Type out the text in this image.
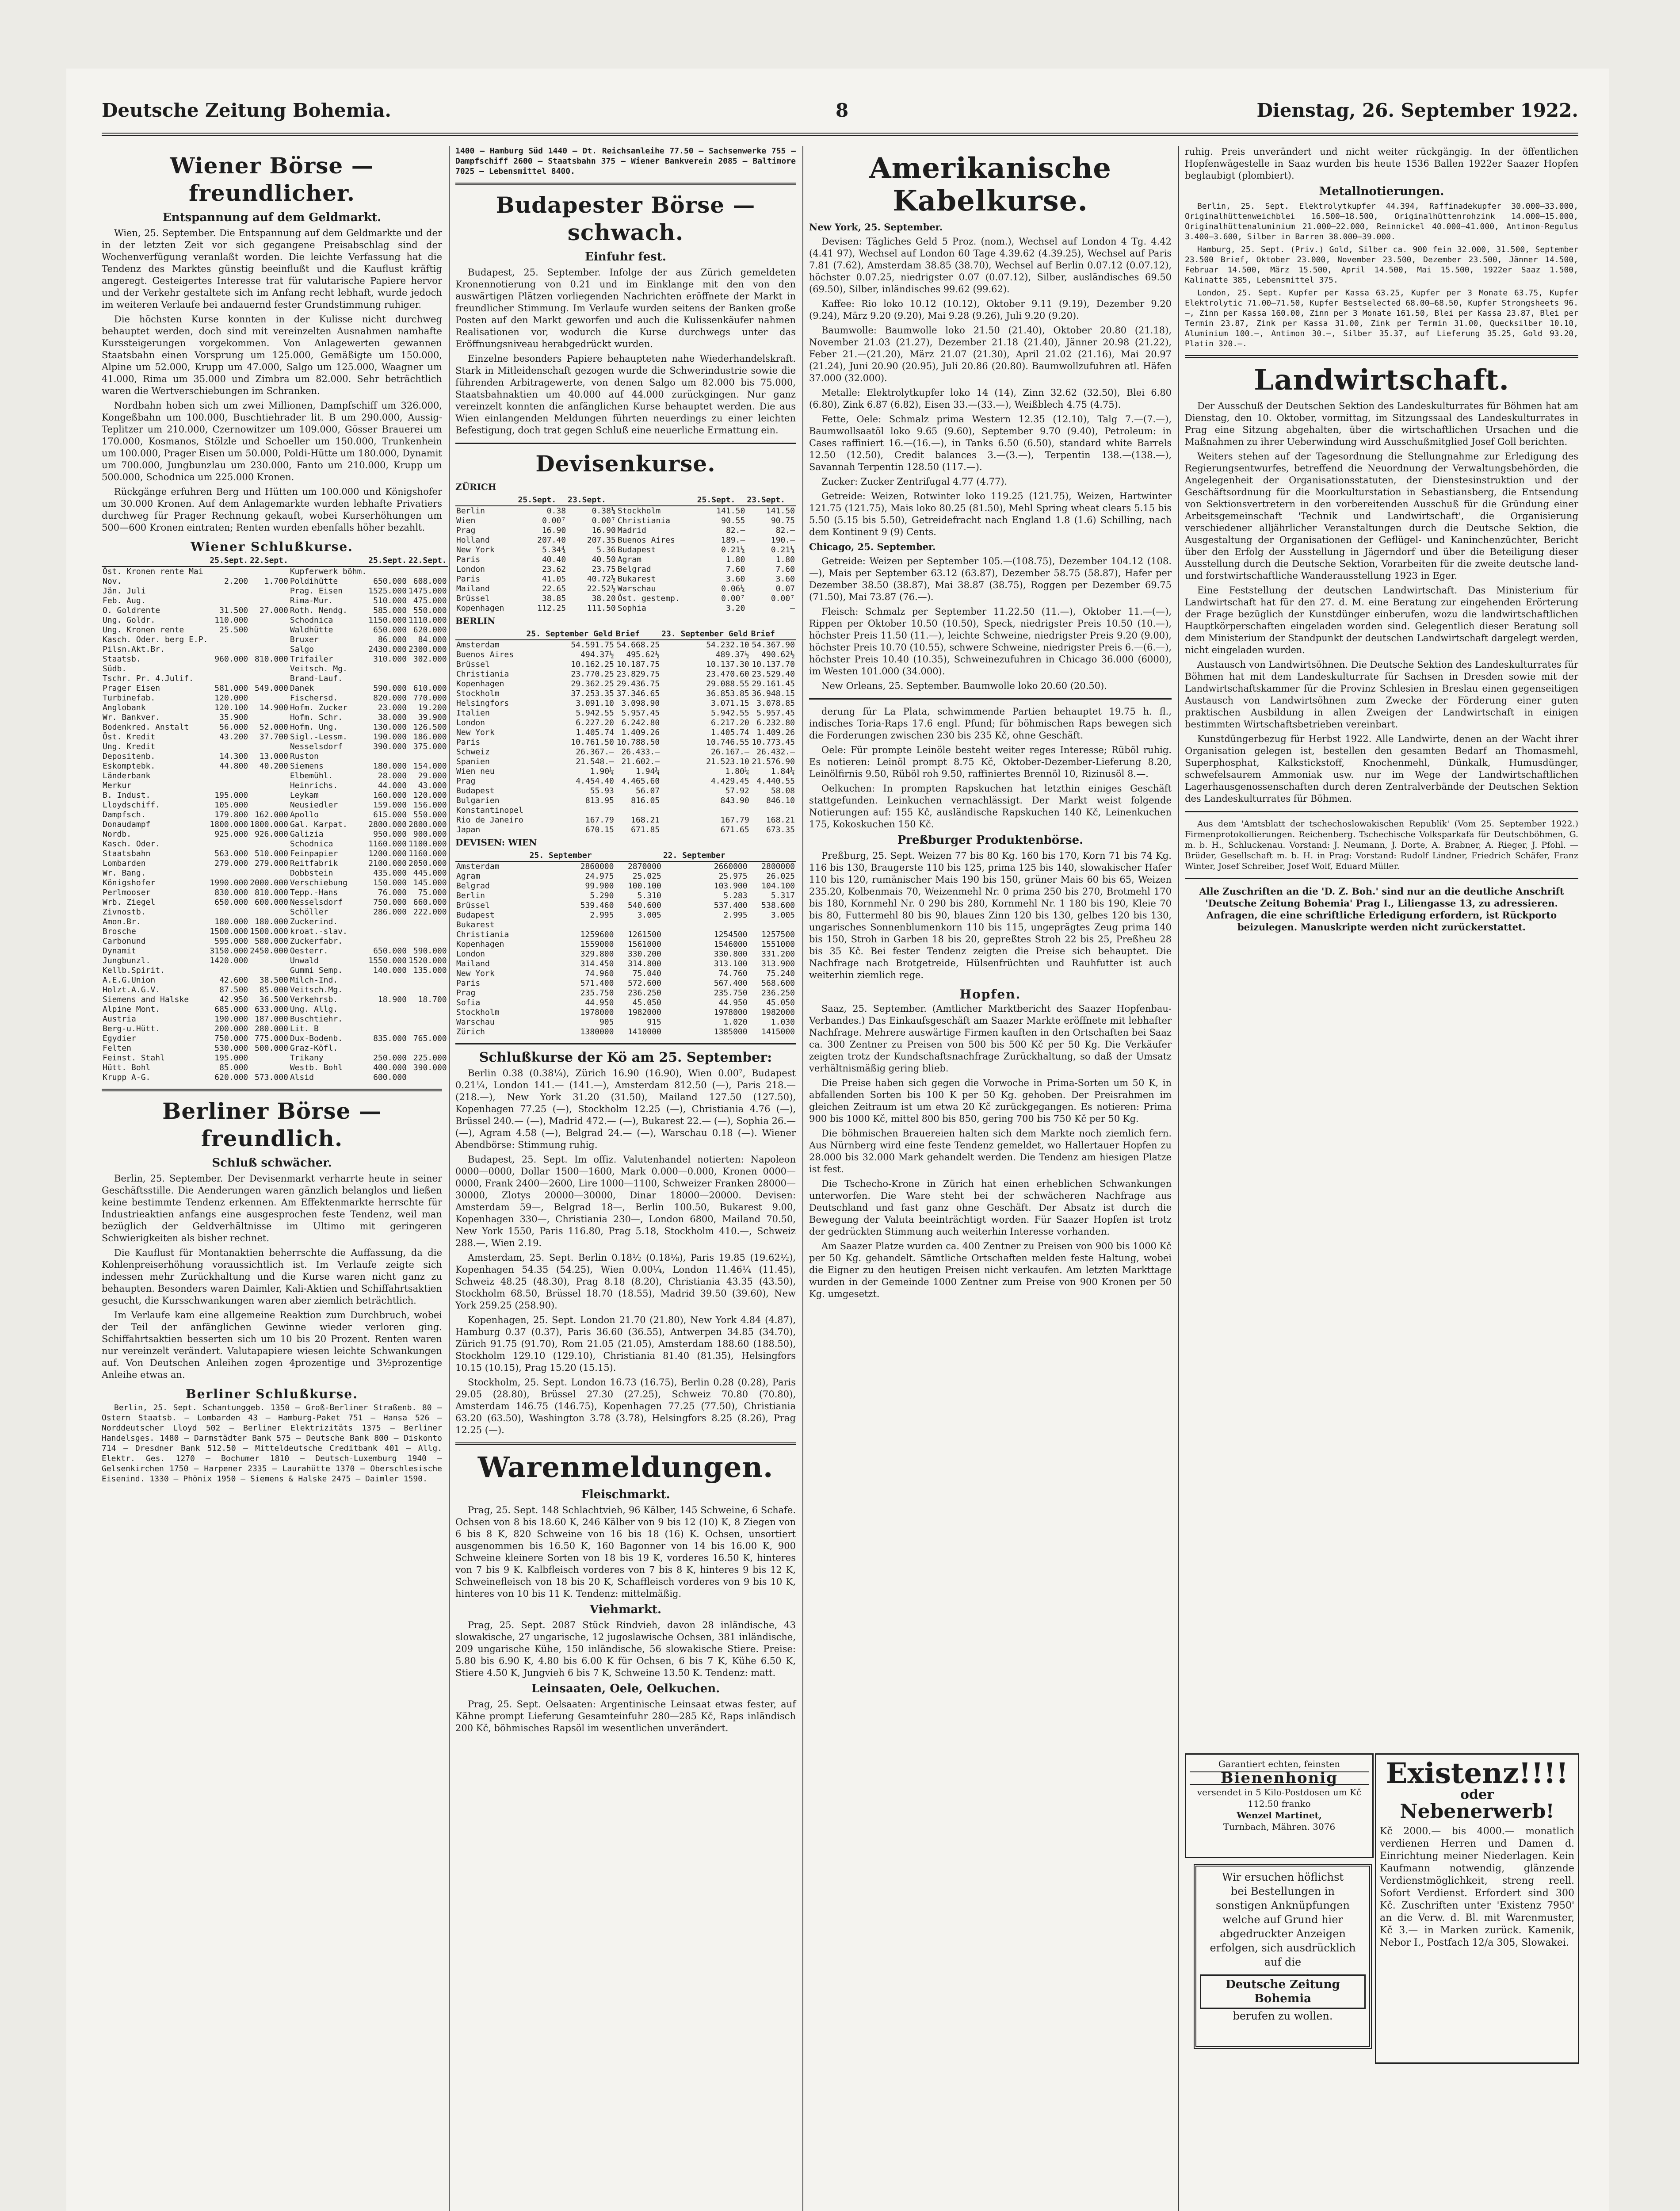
Deutsche Zeitung Bohemia.	8	Dienstag, 26. September 1922.
Wiener Börse — freundlicher.
Entspannung auf dem Geldmarkt.

Wien, 25. September. Die Entspannung auf dem Geldmarkte und der in der letzten Zeit vor sich gegangene Preisabschlag sind der Wochenverfügung veranlaßt worden. Die leichte Verfassung hat die Tendenz des Marktes günstig beeinflußt und die Kauflust kräftig angeregt. Gesteigertes Interesse trat für valutarische Papiere hervor und der Verkehr gestaltete sich im Anfang recht lebhaft, wurde jedoch im weiteren Verlaufe bei andauernd fester Grundstimmung ruhiger.

Die höchsten Kurse konnten in der Kulisse nicht durchweg behauptet werden, doch sind mit vereinzelten Ausnahmen namhafte Kurssteigerungen vorgekommen. Von Anlagewerten gewannen Staatsbahn einen Vorsprung um 125.000, Gemäßigte um 150.000, Alpine um 52.000, Krupp um 47.000, Salgo um 125.000, Waagner um 41.000, Rima um 35.000 und Zimbra um 82.000. Sehr beträchtlich waren die Wertverschiebungen im Schranken.

Nordbahn hoben sich um zwei Millionen, Dampfschiff um 326.000, Kongeßbahn um 100.000, Buschtiehrader lit. B um 290.000, Aussig-Teplitzer um 210.000, Czernowitzer um 109.000, Gösser Brauerei um 170.000, Kosmanos, Stölzle und Schoeller um 150.000, Trunkenhein um 100.000, Prager Eisen um 50.000, Poldi-Hütte um 180.000, Dynamit um 700.000, Jungbunzlau um 230.000, Fanto um 210.000, Krupp um 500.000, Schodnica um 225.000 Kronen.

Rückgänge erfuhren Berg und Hütten um 100.000 und Königshofer um 30.000 Kronen. Auf dem Anlagemarkte wurden lebhafte Privatiers durchweg für Prager Rechnung gekauft, wobei Kurserhöhungen um 500—600 Kronen eintraten; Renten wurden ebenfalls höher bezahlt.

Wiener Schlußkurse.
	25.Sept.	22.Sept.		25.Sept.	22.Sept.	
Öst. Kronen rente Mai			Kupferwerk böhm.			
Nov.	2.200	1.700	Poldihütte	650.000	608.000	
Jän. Juli			Prag. Eisen	1525.000	1475.000	
Feb. Aug.			Rima-Mur.	510.000	475.000	
O. Goldrente	31.500	27.000	Roth. Nendg.	585.000	550.000	
Ung. Goldr.	110.000		Schodnica	1150.000	1110.000	
Ung. Kronen rente	25.500		Waldhütte	650.000	620.000	
Kasch. Oder. berg E.P.			Bruxer	86.000	84.000	
Pilsn.Akt.Br.			Salgo	2430.000	2300.000	
Staatsb.	960.000	810.000	Trifailer	310.000	302.000	
Südb.			Veitsch. Mg.			
Tschr. Pr. 4.Julif.			Brand-Lauf.			
Prager Eisen	581.000	549.000	Danek	590.000	610.000	
Turbinefab.	120.000		Fischersd.	820.000	770.000	
Anglobank	120.100	14.900	Hofm. Zucker	23.000	19.200	
Wr. Bankver.	35.900		Hofm. Schr.	38.000	39.900	
Bodenkred. Anstalt	56.000	52.000	Hofm. Ung.	130.000	126.500	
Öst. Kredit	43.200	37.700	Sigl.-Lessm.	190.000	186.000	
Ung. Kredit			Nesselsdorf	390.000	375.000	
Depositenb.	14.300	13.000	Ruston			
Eskomptebk.	44.800	40.200	Siemens	180.000	154.000	
Länderbank			Elbemühl.	28.000	29.000	
Merkur			Heinrichs.	44.000	43.000	
B. Indust.	195.000		Leykam	160.000	120.000	
Lloydschiff.	105.000		Neusiedler	159.000	156.000	
Dampfsch.	179.800	162.000	Apollo	615.000	550.000	
Donaudampf	1800.000	1800.000	Gal. Karpat.	2800.000	2800.000	
Nordb.	925.000	926.000	Galizia	950.000	900.000	
Kasch. Oder.			Schodnica	1160.000	1100.000	
Staatsbahn	563.000	510.000	Feinpapier	1200.000	1160.000	
Lombarden	279.000	279.000	Reitfabrik	2100.000	2050.000	
Wr. Bang.			Dobbstein	435.000	445.000	
Königshofer	1990.000	2000.000	Verschiebung	150.000	145.000	
Perlmooser	830.000	810.000	Tepp.-Hans	76.000	75.000	
Wrb. Ziegel	650.000	600.000	Nesselsdorf	750.000	660.000	
Zivnostb.			Schöller	286.000	222.000	
Amon.Br.	180.000	180.000	Zuckerind.			
Brosche	1500.000	1500.000	kroat.-slav.			
Carbonund	595.000	580.000	Zuckerfabr.			
Dynamit	3150.000	2450.000	Oesterr.	650.000	590.000	
Jungbunzl.	1420.000		Unwald	1550.000	1520.000	
Kellb.Spirit.			Gummi Semp.	140.000	135.000	
A.E.G.Union	42.600	38.500	Milch-Ind.			
Holzt.A.G.V.	87.500	85.000	Veitsch.Mg.			
Siemens and Halske	42.950	36.500	Verkehrsb.	18.900	18.700	
Alpine Mont.	685.000	633.000	Ung. Allg.			
Austria	190.000	187.000	Buschtiehr.			
Berg-u.Hütt.	200.000	280.000	Lit. B			
Egydier	750.000	775.000	Dux-Bodenb.	835.000	765.000	
Felten	530.000	500.000	Graz-Köfl.			
Feinst. Stahl	195.000		Trikany	250.000	225.000	
Hütt. Bohl	85.000		Westb. Bohl	400.000	390.000	
Krupp A-G.	620.000	573.000	Alsid	600.000		
Berliner Börse — freundlich.
Schluß schwächer.

Berlin, 25. September. Der Devisenmarkt verharrte heute in seiner Geschäftsstille. Die Aenderungen waren gänzlich belanglos und ließen keine bestimmte Tendenz erkennen. Am Effektenmarkte herrschte für Industrieaktien anfangs eine ausgesprochen feste Tendenz, weil man bezüglich der Geldverhältnisse im Ultimo mit geringeren Schwierigkeiten als bisher rechnet.

Die Kauflust für Montanaktien beherrschte die Auffassung, da die Kohlenpreiserhöhung voraussichtlich ist. Im Verlaufe zeigte sich indessen mehr Zurückhaltung und die Kurse waren nicht ganz zu behaupten. Besonders waren Daimler, Kali-Aktien und Schiffahrtsaktien gesucht, die Kursschwankungen waren aber ziemlich beträchtlich.

Im Verlaufe kam eine allgemeine Reaktion zum Durchbruch, wobei der Teil der anfänglichen Gewinne wieder verloren ging. Schiffahrtsaktien besserten sich um 10 bis 20 Prozent. Renten waren nur vereinzelt verändert. Valutapapiere wiesen leichte Schwankungen auf. Von Deutschen Anleihen zogen 4prozentige und 3½prozentige Anleihe etwas an.

Berliner Schlußkurse.

Berlin, 25. Sept. Schantunggeb. 1350 — Groß-Berliner Straßenb. 80 — Ostern Staatsb. — Lombarden 43 — Hamburg-Paket 751 — Hansa 526 — Norddeutscher Lloyd 502 — Berliner Elektrizitäts 1375 — Berliner Handelsges. 1480 — Darmstädter Bank 575 — Deutsche Bank 800 — Diskonto 714 — Dresdner Bank 512.50 — Mitteldeutsche Creditbank 401 — Allg. Elektr. Ges. 1270 — Bochumer 1810 — Deutsch-Luxemburg 1940 — Gelsenkirchen 1750 — Harpener 2335 — Laurahütte 1370 — Oberschlesische Eisenind. 1330 — Phönix 1950 — Siemens & Halske 2475 — Daimler 1590.

1400 — Hamburg Süd 1440 — Dt. Reichsanleihe 77.50 — Sachsenwerke 755 — Dampfschiff 2600 — Staatsbahn 375 — Wiener Bankverein 2085 — Baltimore 7025 — Lebensmittel 8400.

Budapester Börse — schwach.
Einfuhr fest.

Budapest, 25. September. Infolge der aus Zürich gemeldeten Kronennotierung von 0.21 und im Einklange mit den von den auswärtigen Plätzen vorliegenden Nachrichten eröffnete der Markt in freundlicher Stimmung. Im Verlaufe wurden seitens der Banken große Posten auf den Markt geworfen und auch die Kulissenkäufer nahmen Realisationen vor, wodurch die Kurse durchwegs unter das Eröffnungsniveau herabgedrückt wurden.

Einzelne besonders Papiere behaupteten nahe Wiederhandelskraft. Stark in Mitleidenschaft gezogen wurde die Schwerindustrie sowie die führenden Arbitragewerte, von denen Salgo um 82.000 bis 75.000, Staatsbahnaktien um 40.000 auf 44.000 zurückgingen. Nur ganz vereinzelt konnten die anfänglichen Kurse behauptet werden. Die aus Wien einlangenden Meldungen führten neuerdings zu einer leichten Befestigung, doch trat gegen Schluß eine neuerliche Ermattung ein.

Devisenkurse.
ZÜRICH
	25.Sept.	23.Sept.		25.Sept.	23.Sept.
Berlin	0.38	0.38¼	Stockholm	141.50	141.50
Wien	0.00⁷	0.00⁷	Christiania	90.55	90.75
Prag	16.90	16.90	Madrid	82.—	82.—
Holland	207.40	207.35	Buenos Aires	189.—	190.—
New York	5.34¾	5.36	Budapest	0.21¼	0.21¼
Paris	40.40	40.50	Agram	1.80	1.80
London	23.62	23.75	Belgrad	7.60	7.60
Paris	41.05	40.72½	Bukarest	3.60	3.60
Mailand	22.65	22.52½	Warschau	0.06¼	0.07
Brüssel	38.85	38.20	Öst. gestemp.	0.00⁷	0.00⁷
Kopenhagen	112.25	111.50	Sophia	3.20	—
BERLIN
	25. September Geld	Brief	23. September Geld	Brief
Amsterdam	54.591.75	54.668.25	54.232.10	54.367.90
Buenos Aires	494.37½	495.62½	489.37½	490.62½
Brüssel	10.162.25	10.187.75	10.137.30	10.137.70
Christiania	23.770.25	23.829.75	23.470.60	23.529.40
Kopenhagen	29.362.25	29.436.75	29.088.55	29.161.45
Stockholm	37.253.35	37.346.65	36.853.85	36.948.15
Helsingfors	3.091.10	3.098.90	3.071.15	3.078.85
Italien	5.942.55	5.957.45	5.942.55	5.957.45
London	6.227.20	6.242.80	6.217.20	6.232.80
New York	1.405.74	1.409.26	1.405.74	1.409.26
Paris	10.761.50	10.788.50	10.746.55	10.773.45
Schweiz	26.367.—	26.433.—	26.167.—	26.432.—
Spanien	21.548.—	21.602.—	21.523.10	21.576.90
Wien neu	1.90¼	1.94¼	1.80¼	1.84¼
Prag	4.454.40	4.465.60	4.429.45	4.440.55
Budapest	55.93	56.07	57.92	58.08
Bulgarien	813.95	816.05	843.90	846.10
Konstantinopel				
Rio de Janeiro	167.79	168.21	167.79	168.21
Japan	670.15	671.85	671.65	673.35
DEVISEN: WIEN
	25. September		22. September	
Amsterdam	2860000	2870000	2660000	2800000
Agram	24.975	25.025	25.975	26.025
Belgrad	99.900	100.100	103.900	104.100
Berlin	5.290	5.310	5.283	5.317
Brüssel	539.460	540.600	537.400	538.600
Budapest	2.995	3.005	2.995	3.005
Bukarest				
Christiania	1259600	1261500	1254500	1257500
Kopenhagen	1559000	1561000	1546000	1551000
London	329.800	330.200	330.800	331.200
Mailand	314.450	314.800	313.100	313.900
New York	74.960	75.040	74.760	75.240
Paris	571.400	572.600	567.400	568.600
Prag	235.750	236.250	235.750	236.250
Sofia	44.950	45.050	44.950	45.050
Stockholm	1978000	1982000	1978000	1982000
Warschau	905	915	1.020	1.030
Zürich	1380000	1410000	1385000	1415000
Schlußkurse der Kö am 25. September:

Berlin 0.38 (0.38¼), Zürich 16.90 (16.90), Wien 0.00⁷, Budapest 0.21¼, London 141.— (141.—), Amsterdam 812.50 (—), Paris 218.— (218.—), New York 31.20 (31.50), Mailand 127.50 (127.50), Kopenhagen 77.25 (—), Stockholm 12.25 (—), Christiania 4.76 (—), Brüssel 240.— (—), Madrid 472.— (—), Bukarest 22.— (—), Sophia 26.— (—), Agram 4.58 (—), Belgrad 24.— (—), Warschau 0.18 (—). Wiener Abendbörse: Stimmung ruhig.

Budapest, 25. Sept. Im offiz. Valutenhandel notierten: Napoleon 0000—0000, Dollar 1500—1600, Mark 0.000—0.000, Kronen 0000—0000, Frank 2400—2600, Lire 1000—1100, Schweizer Franken 28000—30000, Zlotys 20000—30000, Dinar 18000—20000. Devisen: Amsterdam 59—, Belgrad 18—, Berlin 100.50, Bukarest 9.00, Kopenhagen 330—, Christiania 230—, London 6800, Mailand 70.50, New York 1550, Paris 116.80, Prag 5.18, Stockholm 410.—, Schweiz 288.—, Wien 2.19.

Amsterdam, 25. Sept. Berlin 0.18½ (0.18⅛), Paris 19.85 (19.62½), Kopenhagen 54.35 (54.25), Wien 0.00¼, London 11.46¼ (11.45), Schweiz 48.25 (48.30), Prag 8.18 (8.20), Christiania 43.35 (43.50), Stockholm 68.50, Brüssel 18.70 (18.55), Madrid 39.50 (39.60), New York 259.25 (258.90).

Kopenhagen, 25. Sept. London 21.70 (21.80), New York 4.84 (4.87), Hamburg 0.37 (0.37), Paris 36.60 (36.55), Antwerpen 34.85 (34.70), Zürich 91.75 (91.70), Rom 21.05 (21.05), Amsterdam 188.60 (188.50), Stockholm 129.10 (129.10), Christiania 81.40 (81.35), Helsingfors 10.15 (10.15), Prag 15.20 (15.15).

Stockholm, 25. Sept. London 16.73 (16.75), Berlin 0.28 (0.28), Paris 29.05 (28.80), Brüssel 27.30 (27.25), Schweiz 70.80 (70.80), Amsterdam 146.75 (146.75), Kopenhagen 77.25 (77.50), Christiania 63.20 (63.50), Washington 3.78 (3.78), Helsingfors 8.25 (8.26), Prag 12.25 (—).

Warenmeldungen.
Fleischmarkt.

Prag, 25. Sept. 148 Schlachtvieh, 96 Kälber, 145 Schweine, 6 Schafe. Ochsen von 8 bis 18.60 K, 246 Kälber von 9 bis 12 (10) K, 8 Ziegen von 6 bis 8 K, 820 Schweine von 16 bis 18 (16) K. Ochsen, unsortiert ausgenommen bis 16.50 K, 160 Bagonner von 14 bis 16.00 K, 900 Schweine kleinere Sorten von 18 bis 19 K, vorderes 16.50 K, hinteres von 7 bis 9 K. Kalbfleisch vorderes von 7 bis 8 K, hinteres 9 bis 12 K, Schweinefleisch von 18 bis 20 K, Schaffleisch vorderes von 9 bis 10 K, hinteres von 10 bis 11 K. Tendenz: mittelmäßig.

Viehmarkt.

Prag, 25. Sept. 2087 Stück Rindvieh, davon 28 inländische, 43 slowakische, 27 ungarische, 12 jugoslawische Ochsen, 381 inländische, 209 ungarische Kühe, 150 inländische, 56 slowakische Stiere. Preise: 5.80 bis 6.90 K, 4.80 bis 6.00 K für Ochsen, 6 bis 7 K, Kühe 6.50 K, Stiere 4.50 K, Jungvieh 6 bis 7 K, Schweine 13.50 K. Tendenz: matt.

Leinsaaten, Oele, Oelkuchen.

Prag, 25. Sept. Oelsaaten: Argentinische Leinsaat etwas fester, auf Kähne prompt Lieferung Gesamteinfuhr 280—285 Kč, Raps inländisch 200 Kč, böhmisches Rapsöl im wesentlichen unverändert.

Amerikanische Kabelkurse.

New York, 25. September.

Devisen: Tägliches Geld 5 Proz. (nom.), Wechsel auf London 4 Tg. 4.42 (4.41 97), Wechsel auf London 60 Tage 4.39.62 (4.39.25), Wechsel auf Paris 7.81 (7.62), Amsterdam 38.85 (38.70), Wechsel auf Berlin 0.07.12 (0.07.12), höchster 0.07.25, niedrigster 0.07 (0.07.12), Silber, ausländisches 69.50 (69.50), Silber, inländisches 99.62 (99.62).

Kaffee: Rio loko 10.12 (10.12), Oktober 9.11 (9.19), Dezember 9.20 (9.24), März 9.20 (9.20), Mai 9.28 (9.26), Juli 9.20 (9.20).

Baumwolle: Baumwolle loko 21.50 (21.40), Oktober 20.80 (21.18), November 21.03 (21.27), Dezember 21.18 (21.40), Jänner 20.98 (21.22), Feber 21.—(21.20), März 21.07 (21.30), April 21.02 (21.16), Mai 20.97 (21.24), Juni 20.90 (20.95), Juli 20.86 (20.80). Baumwollzufuhren atl. Häfen 37.000 (32.000).

Metalle: Elektrolytkupfer loko 14 (14), Zinn 32.62 (32.50), Blei 6.80 (6.80), Zink 6.87 (6.82), Eisen 33.—(33.—), Weißblech 4.75 (4.75).

Fette, Oele: Schmalz prima Western 12.35 (12.10), Talg 7.—(7.—), Baumwollsaatöl loko 9.65 (9.60), September 9.70 (9.40), Petroleum: in Cases raffiniert 16.—(16.—), in Tanks 6.50 (6.50), standard white Barrels 12.50 (12.50), Credit balances 3.—(3.—), Terpentin 138.—(138.—), Savannah Terpentin 128.50 (117.—).

Zucker: Zucker Zentrifugal 4.77 (4.77).

Getreide: Weizen, Rotwinter loko 119.25 (121.75), Weizen, Hartwinter 121.75 (121.75), Mais loko 80.25 (81.50), Mehl Spring wheat clears 5.15 bis 5.50 (5.15 bis 5.50), Getreidefracht nach England 1.8 (1.6) Schilling, nach dem Kontinent 9 (9) Cents.

Chicago, 25. September.

Getreide: Weizen per September 105.—(108.75), Dezember 104.12 (108.—), Mais per September 63.12 (63.87), Dezember 58.75 (58.87), Hafer per Dezember 38.50 (38.87), Mai 38.87 (38.75), Roggen per Dezember 69.75 (71.50), Mai 73.87 (76.—).

Fleisch: Schmalz per September 11.22.50 (11.—), Oktober 11.—(—), Rippen per Oktober 10.50 (10.50), Speck, niedrigster Preis 10.50 (10.—), höchster Preis 11.50 (11.—), leichte Schweine, niedrigster Preis 9.20 (9.00), höchster Preis 10.70 (10.55), schwere Schweine, niedrigster Preis 6.—(6.—), höchster Preis 10.40 (10.35), Schweinezufuhren in Chicago 36.000 (6000), im Westen 101.000 (34.000).

New Orleans, 25. September. Baumwolle loko 20.60 (20.50).

derung für La Plata, schwimmende Partien behauptet 19.75 h. fl., indisches Toria-Raps 17.6 engl. Pfund; für böhmischen Raps bewegen sich die Forderungen zwischen 230 bis 235 Kč, ohne Geschäft.

Oele: Für prompte Leinöle besteht weiter reges Interesse; Rüböl ruhig. Es notieren: Leinöl prompt 8.75 Kč, Oktober-Dezember-Lieferung 8.20, Leinölfirnis 9.50, Rüböl roh 9.50, raffiniertes Brennöl 10, Rizinusöl 8.—.

Oelkuchen: In prompten Rapskuchen hat letzthin einiges Geschäft stattgefunden. Leinkuchen vernachlässigt. Der Markt weist folgende Notierungen auf: 155 Kč, ausländische Rapskuchen 140 Kč, Leinenkuchen 175, Kokoskuchen 150 Kč.

Preßburger Produktenbörse.

Preßburg, 25. Sept. Weizen 77 bis 80 Kg. 160 bis 170, Korn 71 bis 74 Kg. 116 bis 130, Braugerste 110 bis 125, prima 125 bis 140, slowakischer Hafer 110 bis 120, rumänischer Mais 190 bis 150, grüner Mais 60 bis 65, Weizen 235.20, Kolbenmais 70, Weizenmehl Nr. 0 prima 250 bis 270, Brotmehl 170 bis 180, Kornmehl Nr. 0 290 bis 280, Kornmehl Nr. 1 180 bis 190, Kleie 70 bis 80, Futtermehl 80 bis 90, blaues Zinn 120 bis 130, gelbes 120 bis 130, ungarisches Sonnenblumenkorn 110 bis 115, ungeprägtes Zeug prima 140 bis 150, Stroh in Garben 18 bis 20, gepreßtes Stroh 22 bis 25, Preßheu 28 bis 35 Kč. Bei fester Tendenz zeigten die Preise sich behauptet. Die Nachfrage nach Brotgetreide, Hülsenfrüchten und Rauhfutter ist auch weiterhin ziemlich rege.

Hopfen.

Saaz, 25. September. (Amtlicher Marktbericht des Saazer Hopfenbau-Verbandes.) Das Einkaufsgeschäft am Saazer Markte eröffnete mit lebhafter Nachfrage. Mehrere auswärtige Firmen kauften in den Ortschaften bei Saaz ca. 300 Zentner zu Preisen von 500 bis 500 Kč per 50 Kg. Die Verkäufer zeigten trotz der Kundschaftsnachfrage Zurückhaltung, so daß der Umsatz verhältnismäßig gering blieb.

Die Preise haben sich gegen die Vorwoche in Prima-Sorten um 50 K, in abfallenden Sorten bis 100 K per 50 Kg. gehoben. Der Preisrahmen im gleichen Zeitraum ist um etwa 20 Kč zurückgegangen. Es notieren: Prima 900 bis 1000 Kč, mittel 800 bis 850, gering 700 bis 750 Kč per 50 Kg.

Die böhmischen Brauereien halten sich dem Markte noch ziemlich fern. Aus Nürnberg wird eine feste Tendenz gemeldet, wo Hallertauer Hopfen zu 28.000 bis 32.000 Mark gehandelt werden. Die Tendenz am hiesigen Platze ist fest.

Die Tschecho-Krone in Zürich hat einen erheblichen Schwankungen unterworfen. Die Ware steht bei der schwächeren Nachfrage aus Deutschland und fast ganz ohne Geschäft. Der Absatz ist durch die Bewegung der Valuta beeinträchtigt worden. Für Saazer Hopfen ist trotz der gedrückten Stimmung auch weiterhin Interesse vorhanden.

Am Saazer Platze wurden ca. 400 Zentner zu Preisen von 900 bis 1000 Kč per 50 Kg. gehandelt. Sämtliche Ortschaften melden feste Haltung, wobei die Eigner zu den heutigen Preisen nicht verkaufen. Am letzten Markttage wurden in der Gemeinde 1000 Zentner zum Preise von 900 Kronen per 50 Kg. umgesetzt.

ruhig. Preis unverändert und nicht weiter rückgängig. In der öffentlichen Hopfenwägestelle in Saaz wurden bis heute 1536 Ballen 1922er Saazer Hopfen beglaubigt (plombiert).

Metallnotierungen.

Berlin, 25. Sept. Elektrolytkupfer 44.394, Raffinadekupfer 30.000—33.000, Originalhüttenweichblei 16.500—18.500, Originalhüttenrohzink 14.000—15.000, Originalhüttenaluminium 21.000—22.000, Reinnickel 40.000—41.000, Antimon-Regulus 3.400—3.600, Silber in Barren 38.000—39.000.

Hamburg, 25. Sept. (Priv.) Gold, Silber ca. 900 fein 32.000, 31.500, September 23.500 Brief, Oktober 23.000, November 23.500, Dezember 23.500, Jänner 14.500, Februar 14.500, März 15.500, April 14.500, Mai 15.500, 1922er Saaz 1.500, Kalinatte 385, Lebensmittel 375.

London, 25. Sept. Kupfer per Kassa 63.25, Kupfer per 3 Monate 63.75, Kupfer Elektrolytic 71.00—71.50, Kupfer Bestselected 68.00—68.50, Kupfer Strongsheets 96.—, Zinn per Kassa 160.00, Zinn per 3 Monate 161.50, Blei per Kassa 23.87, Blei per Termin 23.87, Zink per Kassa 31.00, Zink per Termin 31.00, Quecksilber 10.10, Aluminium 100.—, Antimon 30.—, Silber 35.37, auf Lieferung 35.25, Gold 93.20, Platin 320.—.

Landwirtschaft.

Der Ausschuß der Deutschen Sektion des Landeskulturrates für Böhmen hat am Dienstag, den 10. Oktober, vormittag, im Sitzungssaal des Landeskulturrates in Prag eine Sitzung abgehalten, über die wirtschaftlichen Ursachen und die Maßnahmen zu ihrer Ueberwindung wird Ausschußmitglied Josef Goll berichten.

Weiters stehen auf der Tagesordnung die Stellungnahme zur Erledigung des Regierungsentwurfes, betreffend die Neuordnung der Verwaltungsbehörden, die Angelegenheit der Organisationsstatuten, der Dienstesinstruktion und der Geschäftsordnung für die Moorkulturstation in Sebastiansberg, die Entsendung von Sektionsvertretern in den vorbereitenden Ausschuß für die Gründung einer Arbeitsgemeinschaft 'Technik und Landwirtschaft', die Organisierung verschiedener alljährlicher Veranstaltungen durch die Deutsche Sektion, die Ausgestaltung der Organisationen der Geflügel- und Kaninchenzüchter, Bericht über den Erfolg der Ausstellung in Jägerndorf und über die Beteiligung dieser Ausstellung durch die Deutsche Sektion, Vorarbeiten für die zweite deutsche land- und forstwirtschaftliche Wanderausstellung 1923 in Eger.

Eine Feststellung der deutschen Landwirtschaft. Das Ministerium für Landwirtschaft hat für den 27. d. M. eine Beratung zur eingehenden Erörterung der Frage bezüglich der Kunstdünger einberufen, wozu die landwirtschaftlichen Hauptkörperschaften eingeladen worden sind. Gelegentlich dieser Beratung soll dem Ministerium der Standpunkt der deutschen Landwirtschaft dargelegt werden, nicht eingeladen wurden.

Austausch von Landwirtsöhnen. Die Deutsche Sektion des Landeskulturrates für Böhmen hat mit dem Landeskulturrate für Sachsen in Dresden sowie mit der Landwirtschaftskammer für die Provinz Schlesien in Breslau einen gegenseitigen Austausch von Landwirtsöhnen zum Zwecke der Förderung einer guten praktischen Ausbildung in allen Zweigen der Landwirtschaft in einigen bestimmten Wirtschaftsbetrieben vereinbart.

Kunstdüngerbezug für Herbst 1922. Alle Landwirte, denen an der Wacht ihrer Organisation gelegen ist, bestellen den gesamten Bedarf an Thomasmehl, Superphosphat, Kalkstickstoff, Knochenmehl, Dünkalk, Humusdünger, schwefelsaurem Ammoniak usw. nur im Wege der Landwirtschaftlichen Lagerhausgenossenschaften durch deren Zentralverbände der Deutschen Sektion des Landeskulturrates für Böhmen.

Aus dem 'Amtsblatt der tschechoslowakischen Republik' (Vom 25. September 1922.) Firmenprotokollierungen. Reichenberg. Tschechische Volksparkafa für Deutschböhmen, G. m. b. H., Schluckenau. Vorstand: J. Neumann, J. Dorte, A. Brabner, A. Rieger, J. Pfohl. — Brüder, Gesellschaft m. b. H. in Prag: Vorstand: Rudolf Lindner, Friedrich Schäfer, Franz Winter, Josef Schreiber, Josef Wolf, Eduard Müller.

Alle Zuschriften an die 'D. Z. Boh.' sind nur an die deutliche Anschrift 'Deutsche Zeitung Bohemia' Prag I., Liliengasse 13, zu adressieren. Anfragen, die eine schriftliche Erledigung erfordern, ist Rückporto beizulegen. Manuskripte werden nicht zurückerstattet.

Garantiert echten, feinsten
Bienenhonig
versendet in 5 Kilo-Postdosen um Kč 112.50 franko
Wenzel Martinet,
Turnbach, Mähren. 3076
Wir ersuchen höflichst
bei Bestellungen in
sonstigen Anknüpfungen
welche auf Grund hier
abgedruckter Anzeigen
erfolgen, sich ausdrücklich
auf die
Deutsche Zeitung Bohemia
berufen zu wollen.
Existenz!!!!
oder
Nebenerwerb!
Kč 2000.— bis 4000.— monatlich verdienen Herren und Damen d. Einrichtung meiner Niederlagen. Kein Kaufmann notwendig, glänzende Verdienstmöglichkeit, streng reell. Sofort Verdienst. Erfordert sind 300 Kč. Zuschriften unter 'Existenz 7950' an die Verw. d. Bl. mit Warenmuster, Kč 3.— in Marken zurück. Kamenik, Nebor I., Postfach 12/a 305, Slowakei.
